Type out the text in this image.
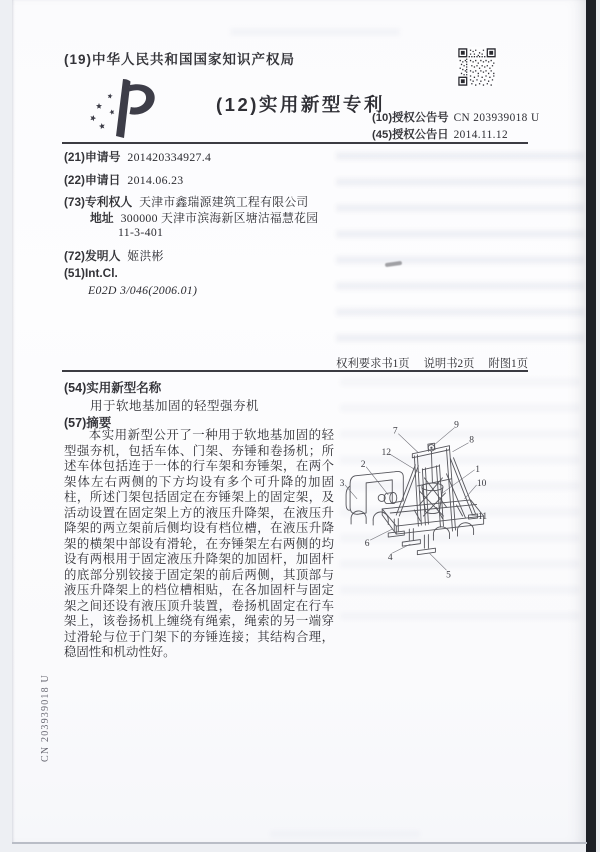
(19)中华人民共和国国家知识产权局
(12)实用新型专利
(10)授权公告号 CN 203939018 U
(45)授权公告日 2014.11.12
(21)申请号 201420334927.4
(22)申请日 2014.06.23
(73)专利权人 天津市鑫瑞源建筑工程有限公司
地址 300000 天津市滨海新区塘沽福慧花园
11-3-401
(72)发明人 姬洪彬
(51)Int.Cl.
E02D 3/046(2006.01)
权利要求书1页 说明书2页 附图1页
(54)实用新型名称
用于软地基加固的轻型强夯机
(57)摘要
本实用新型公开了一种用于软地基加固的轻型强夯机，包括车体、门架、夯锤和卷扬机；所述车体包括连于一体的行车架和夯锤架，在两个架体左右两侧的下方均设有多个可升降的加固柱，所述门架包括固定在夯锤架上的固定架，及活动设置在固定架上方的液压升降架，在液压升降架的两立架前后侧均设有档位槽，在液压升降架的横架中部设有滑轮，在夯锤架左右两侧的均设有两根用于固定液压升降架的加固杆，加固杆的底部分别铰接于固定架的前后两侧，其顶部与液压升降架上的档位槽相贴，在各加固杆与固定架之间还设有液压顶升装置，卷扬机固定在行车架上，该卷扬机上缠绕有绳索，绳索的另一端穿过滑轮与位于门架下的夯锤连接；其结构合理，稳固性和机动性好。
1
2
3
4
5
6
7
8
9
10
11
12
CN 203939018 U
